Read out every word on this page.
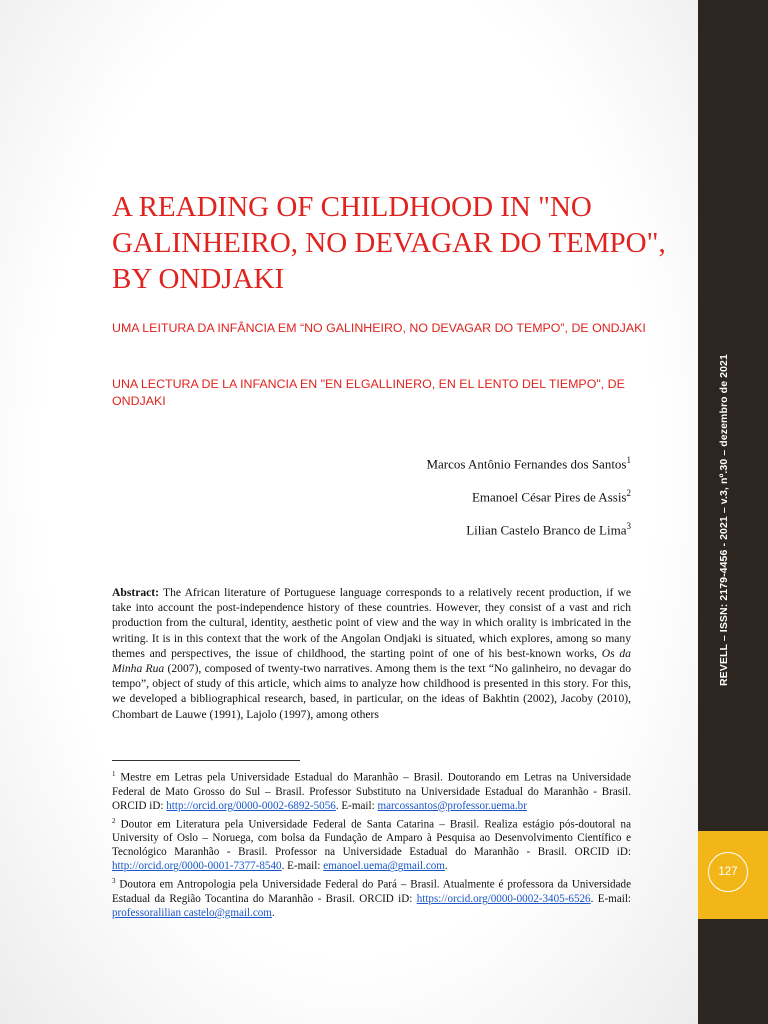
REVELL – ISSN: 2179-4456 - 2021 – v.3, nº.30 – dezembro de 2021
127
A READING OF CHILDHOOD IN "NO GALINHEIRO, NO DEVAGAR DO TEMPO", BY ONDJAKI

UMA LEITURA DA INFÂNCIA EM “NO GALINHEIRO, NO DEVAGAR DO TEMPO”, DE ONDJAKI

UNA LECTURA DE LA INFANCIA EN "EN ELGALLINERO, EN EL LENTO DEL TIEMPO", DE ONDJAKI

Marcos Antônio Fernandes dos Santos$^1$

Emanoel César Pires de Assis$^2$

Lilian Castelo Branco de Lima$^3$

Abstract: The African literature of Portuguese language corresponds to a relatively recent production, if we take into account the post-independence history of these countries. However, they consist of a vast and rich production from the cultural, identity, aesthetic point of view and the way in which orality is imbricated in the writing. It is in this context that the work of the Angolan Ondjaki is situated, which explores, among so many themes and perspectives, the issue of childhood, the starting point of one of his best-known works, Os da Minha Rua (2007), composed of twenty-two narratives. Among them is the text “No galinheiro, no devagar do tempo”, object of study of this article, which aims to analyze how childhood is presented in this story. For this, we developed a bibliographical research, based, in particular, on the ideas of Bakhtin (2002), Jacoby (2010), Chombart de Lauwe (1991), Lajolo (1997), among others

$^1$ Mestre em Letras pela Universidade Estadual do Maranhão – Brasil. Doutorando em Letras na Universidade Federal de Mato Grosso do Sul – Brasil. Professor Substituto na Universidade Estadual do Maranhão - Brasil. ORCID iD: http://orcid.org/0000-0002-6892-5056. E-mail: marcossantos@professor.uema.br

$^2$ Doutor em Literatura pela Universidade Federal de Santa Catarina – Brasil. Realiza estágio pós-doutoral na University of Oslo – Noruega, com bolsa da Fundação de Amparo à Pesquisa ao Desenvolvimento Científico e Tecnológico Maranhão - Brasil. Professor na Universidade Estadual do Maranhão - Brasil. ORCID iD: http://orcid.org/0000-0001-7377-8540. E-mail: emanoel.uema@gmail.com.

$^3$ Doutora em Antropologia pela Universidade Federal do Pará – Brasil. Atualmente é professora da Universidade Estadual da Região Tocantina do Maranhão - Brasil. ORCID iD: https://orcid.org/0000-0002-3405-6526. E-mail: professoralilian castelo@gmail.com.
